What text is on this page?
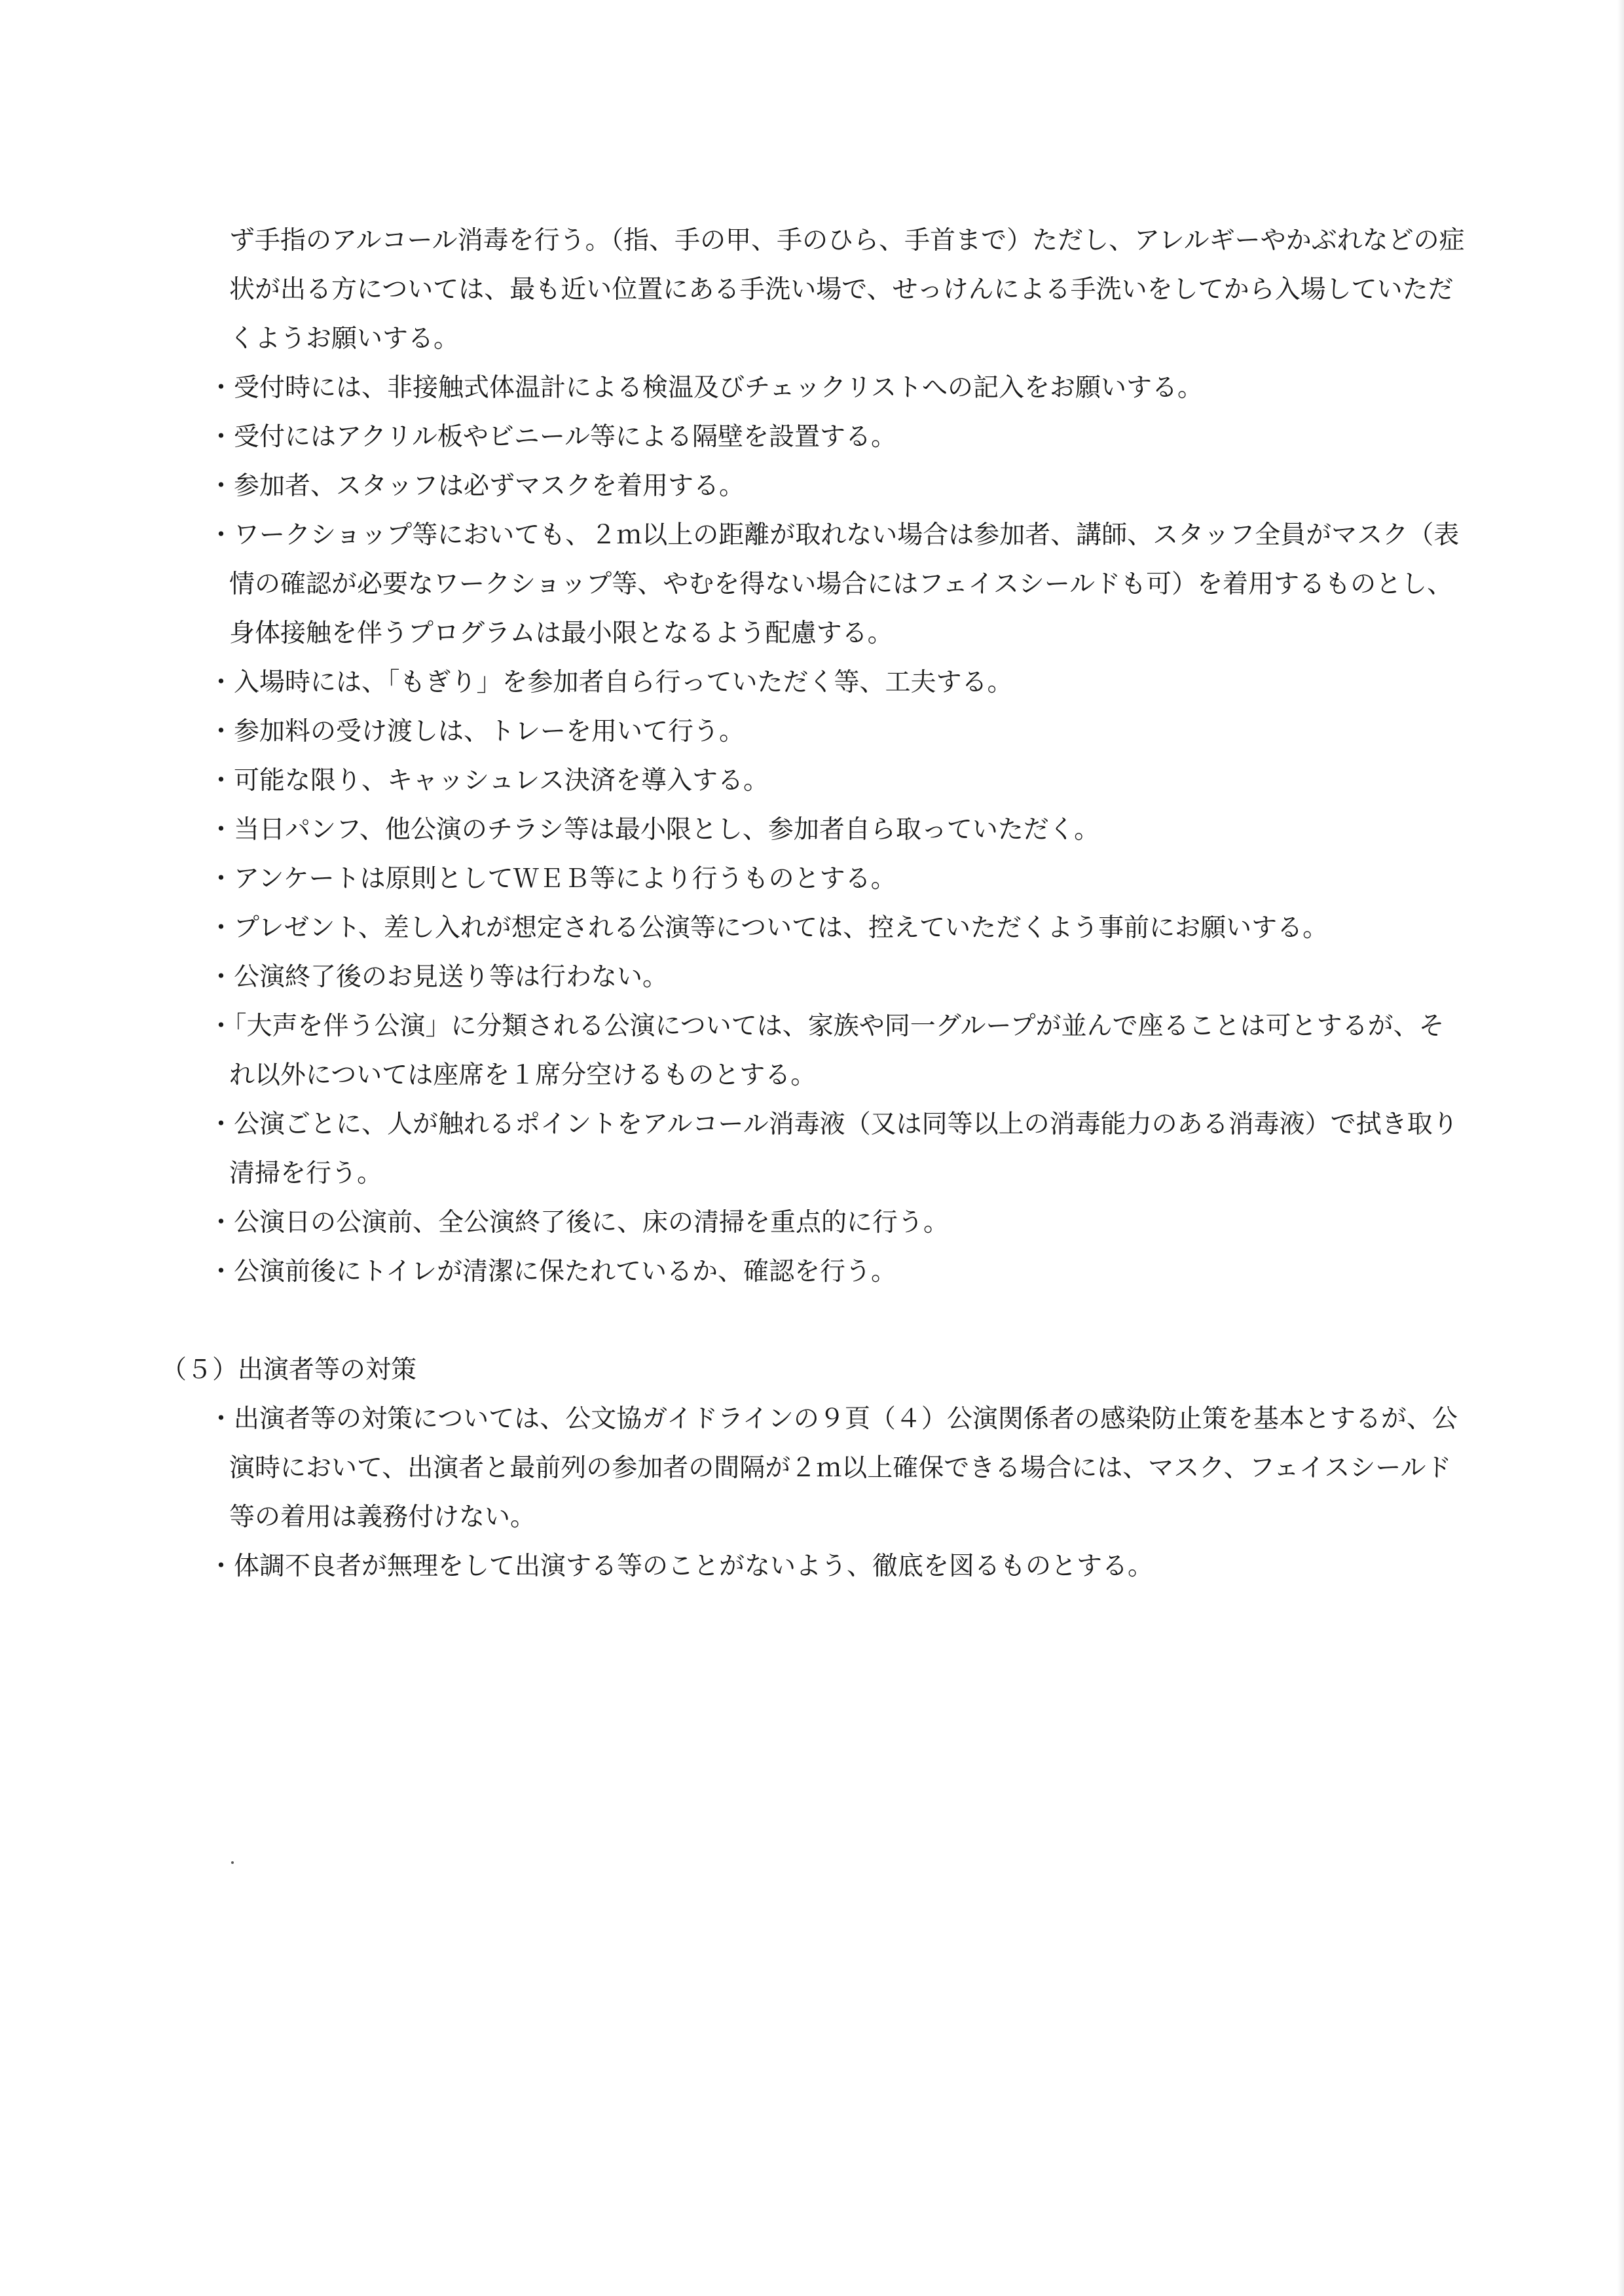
ず手指のアルコール消毒を行う。（指、手の甲、手のひら、手首まで）ただし、アレルギーやかぶれなどの症状が出る方については、最も近い位置にある手洗い場で、せっけんによる手洗いをしてから入場していただくようお願いする。

・受付時には、非接触式体温計による検温及びチェックリストへの記入をお願いする。

・受付にはアクリル板やビニール等による隔壁を設置する。

・参加者、スタッフは必ずマスクを着用する。

・ワークショップ等においても、２ｍ以上の距離が取れない場合は参加者、講師、スタッフ全員がマスク（表情の確認が必要なワークショップ等、やむを得ない場合にはフェイスシールドも可）を着用するものとし、身体接触を伴うプログラムは最小限となるよう配慮する。

・入場時には、「もぎり」を参加者自ら行っていただく等、工夫する。

・参加料の受け渡しは、トレーを用いて行う。

・可能な限り、キャッシュレス決済を導入する。

・当日パンフ、他公演のチラシ等は最小限とし、参加者自ら取っていただく。

・アンケートは原則としてＷＥＢ等により行うものとする。

・プレゼント、差し入れが想定される公演等については、控えていただくよう事前にお願いする。

・公演終了後のお見送り等は行わない。

・「大声を伴う公演」に分類される公演については、家族や同一グループが並んで座ることは可とするが、それ以外については座席を１席分空けるものとする。

・公演ごとに、人が触れるポイントをアルコール消毒液（又は同等以上の消毒能力のある消毒液）で拭き取り清掃を行う。

・公演日の公演前、全公演終了後に、床の清掃を重点的に行う。

・公演前後にトイレが清潔に保たれているか、確認を行う。

（５）出演者等の対策

・出演者等の対策については、公文協ガイドラインの９頁（４）公演関係者の感染防止策を基本とするが、公演時において、出演者と最前列の参加者の間隔が２ｍ以上確保できる場合には、マスク、フェイスシールド等の着用は義務付けない。

・体調不良者が無理をして出演する等のことがないよう、徹底を図るものとする。
